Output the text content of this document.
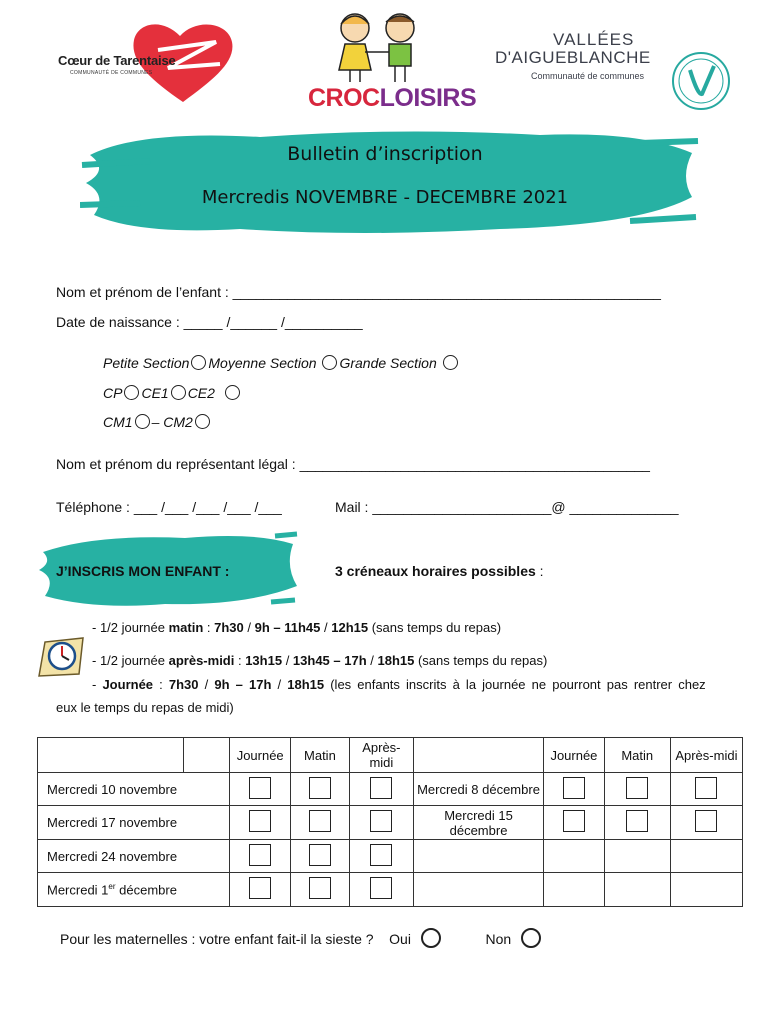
Cœur de Tarentaise
COMMUNAUTÉ DE COMMUNES
CROCLOISIRS
VALLÉES
D'AIGUEBLANCHE
Communauté de communes
Bulletin d’inscription
Mercredis NOVEMBRE - DECEMBRE 2021
Nom et prénom de l’enfant : _______________________________________________________
Date de naissance : _____ /______ /__________
Petite Section Moyenne Section Grande Section
CP CE1 CE2
CM1 – CM2
Nom et prénom du représentant légal : _____________________________________________
Téléphone : ___ /___ /___ /___ /___	Mail : _______________________@ ______________
J’INSCRIS MON ENFANT :	3 créneaux horaires possibles :
- 1/2 journée matin : 7h30 / 9h – 11h45 / 12h15 (sans temps du repas)
- 1/2 journée après-midi : 13h15 / 13h45 – 17h / 18h15 (sans temps du repas)
- Journée : 7h30 / 9h – 17h / 18h15 (les enfants inscrits à la journée ne pourront pas rentrer chez
eux le temps du repas de midi)
		Journée	Matin	Après-midi		Journée	Matin	Après-midi
Mercredi 10 novembre					Mercredi 8 décembre			
Mercredi 17 novembre					Mercredi 15 décembre			
Mercredi 24 novembre								
Mercredi 1er décembre								
Pour les maternelles : votre enfant fait-il la sieste ? Oui	Non
